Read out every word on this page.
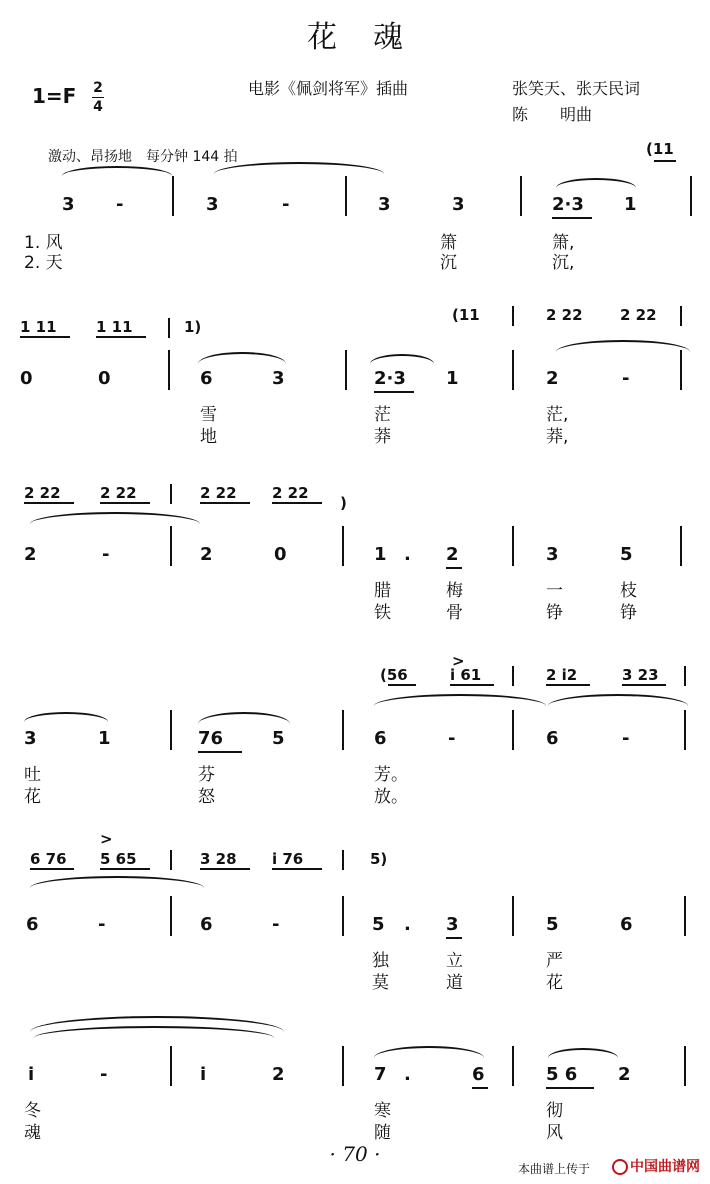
花魂
1=F 2
4
电影《佩剑将军》插曲	张笑天、张天民词
陈　　明曲
激动、昂扬地　每分钟 144 拍	(11
3 -	3	-	3	3	2·3 1
1. 风	箫	箫,
2. 天	沉	沉,
1 11	1 11	1)
(11	2 22 2 22
0	0	6	3	2·3 1	2	-
雪	茫	茫,
地	莽	莽,
2 22	2 22	2 22 2 22
)
2	-	2	0	1 . 2	3	5
腊	梅	一	枝
铁	骨	铮	铮
(56
>
i 61	2 i2	3 23
3	1	76	5	6	-	6	-
吐	芬	芳。
花	怒	放。
6 76
>
5 65	3 28 i 76	5)
6	-	6	-	5 . 3	5	6
独	立	严
莫	道	花
i	-	i	2	7 .	6	5 6 2
冬	寒	彻
魂	随	风
· 70 ·
本曲谱上传于	中国曲谱网
